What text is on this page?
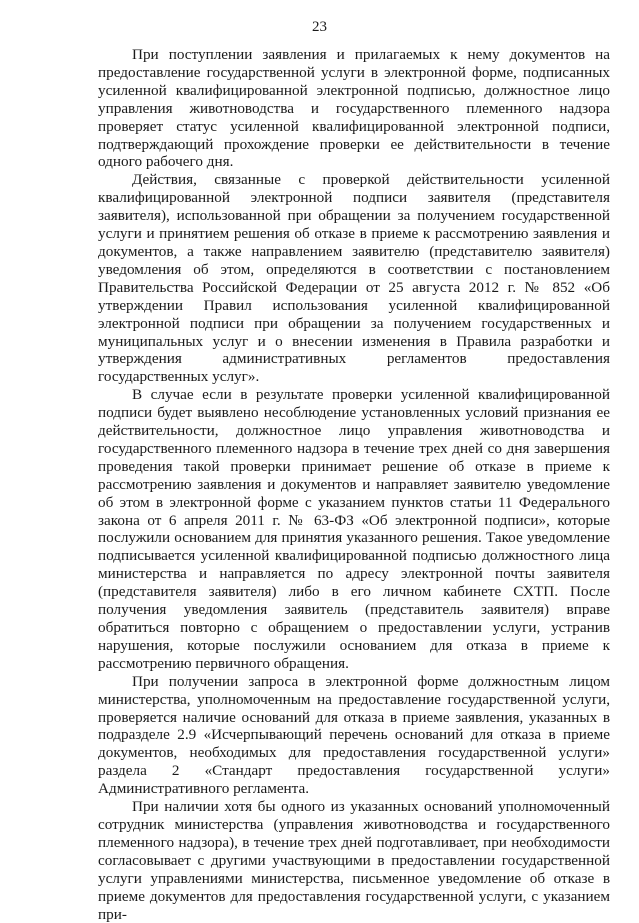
23

При поступлении заявления и прилагаемых к нему документов на предоставление государственной услуги в электронной форме, подписанных усиленной квалифицированной электронной подписью, должностное лицо управления животноводства и государственного племенного надзора проверяет статус усиленной квалифицированной электронной подписи, подтверждающий прохождение проверки ее действительности в течение одного рабочего дня.

Действия, связанные с проверкой действительности усиленной квалифицированной электронной подписи заявителя (представителя заявителя), использованной при обращении за получением государственной услуги и принятием решения об отказе в приеме к рассмотрению заявления и документов, а также направлением заявителю (представителю заявителя) уведомления об этом, определяются в соответствии с постановлением Правительства Российской Федерации от 25 августа 2012 г. № 852 «Об утверждении Правил использования усиленной квалифицированной электронной подписи при обращении за получением государственных и муниципальных услуг и о внесении изменения в Правила разработки и утверждения административных регламентов предоставления государственных услуг».

В случае если в результате проверки усиленной квалифицированной подписи будет выявлено несоблюдение установленных условий признания ее действительности, должностное лицо управления животноводства и государственного племенного надзора в течение трех дней со дня завершения проведения такой проверки принимает решение об отказе в приеме к рассмотрению заявления и документов и направляет заявителю уведомление об этом в электронной форме с указанием пунктов статьи 11 Федерального закона от 6 апреля 2011 г. № 63-ФЗ «Об электронной подписи», которые послужили основанием для принятия указанного решения. Такое уведомление подписывается усиленной квалифицированной подписью должностного лица министерства и направляется по адресу электронной почты заявителя (представителя заявителя) либо в его личном кабинете СХТП. После получения уведомления заявитель (представитель заявителя) вправе обратиться повторно с обращением о предоставлении услуги, устранив нарушения, которые послужили основанием для отказа в приеме к рассмотрению первичного обращения.

При получении запроса в электронной форме должностным лицом министерства, уполномоченным на предоставление государственной услуги, проверяется наличие оснований для отказа в приеме заявления, указанных в подразделе 2.9 «Исчерпывающий перечень оснований для отказа в приеме документов, необходимых для предоставления государственной услуги» раздела 2 «Стандарт предоставления государственной услуги» Административного регламента.

При наличии хотя бы одного из указанных оснований уполномоченный сотрудник министерства (управления животноводства и государственного племенного надзора), в течение трех дней подготавливает, при необходимости согласовывает с другими участвующими в предоставлении государственной услуги управлениями министерства, письменное уведомление об отказе в приеме документов для предоставления государственной услуги, с указанием при-
